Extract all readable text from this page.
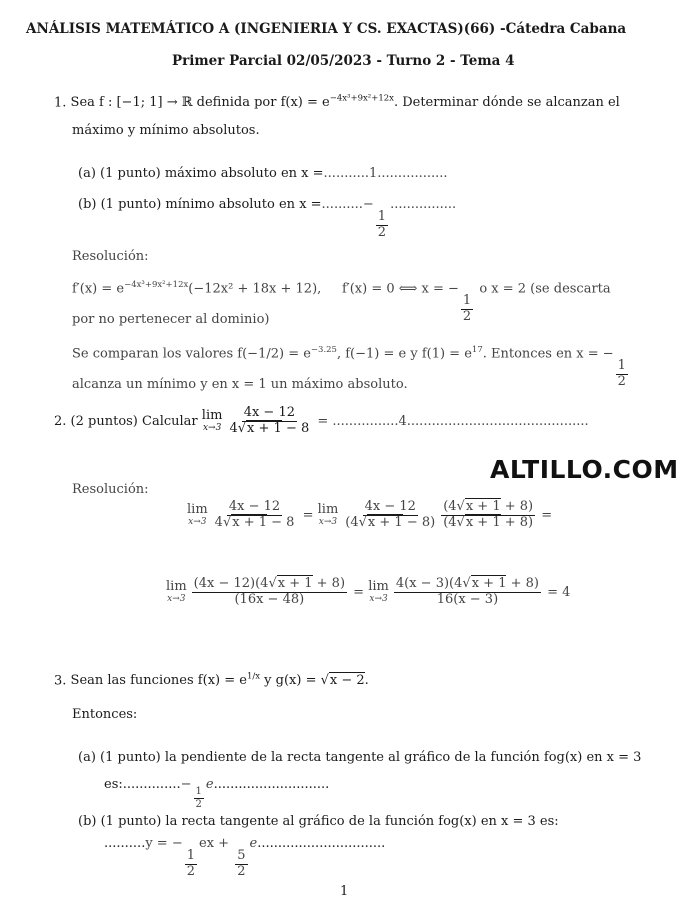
ANÁLISIS MATEMÁTICO A (INGENIERIA Y CS. EXACTAS)(66) -Cátedra Cabana
Primer Parcial 02/05/2023 - Turno 2 - Tema 4
1. Sea f : [−1; 1] → ℝ definida por $f(x) = e^{-4x^3+9x^2+12x}$. Determinar dónde se alcanzan el
máximo y mínimo absolutos.
(a) (1 punto) máximo absoluto en x =...........1.................
(b) (1 punto) mínimo absoluto en x =..........−
$\frac{1}{2}$
................
Resolución:
$f'(x) = e^{-4x^3+9x^2+12x}(-12x^2 + 18x + 12)$, f′(x) = 0 ⟺ x = −
$\frac{1}{2}$
o x = 2 (se descarta
por no pertenecer al dominio)
Se comparan los valores $f(-1/2) = e^{-3.25}$, f(−1) = e y $f(1) = e^{17}$. Entonces en x = −
$\frac{1}{2}$
alcanza un mínimo y en x = 1 un máximo absoluto.
2.
(2 puntos) Calcular
lim
$x\to 3 \frac{4x - 12}{4√x + 1 - 8}$
= ................4............................................
ALTILLO.COM
Resolución:
lim
$x\to 3 \frac{4x - 12}{4√x + 1 - 8}$
=
lim
$x\to 3 \frac{4x - 12}{(4√x + 1 - 8)} \frac{(4√x + 1 + 8)}{(4√x + 1 + 8)}$
=
lim
$x\to 3 \frac{(4x - 12)(4√x + 1 + 8)}{(16x - 48)}$
=
lim
$x\to 3 \frac{4(x - 3)(4√x + 1 + 8)}{16(x - 3)}$
= 4
3. Sean las funciones $f(x) = e^{1/x}$ y g(x) = √x − 2.
Entonces:
(a) (1 punto) la pendiente de la recta tangente al gráfico de la función fog(x) en x = 3
es:..............−
$\frac{1}{2}$
e............................
(b) (1 punto) la recta tangente al gráfico de la función fog(x) en x = 3 es:
..........y = −
$\frac{1}{2}$
ex +
$\frac{5}{2}$
e...............................
1
